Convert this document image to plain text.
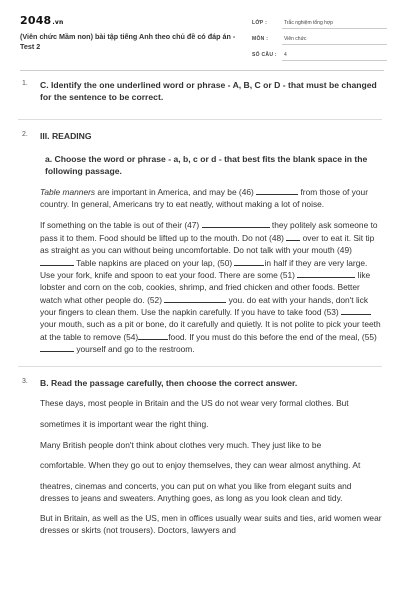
2048.vn
(Viên chức Mầm non) bài tập tiếng Anh theo chủ đề có đáp án - Test 2
LỚP :	Trắc nghiệm tổng hợp
MÔN :	Viên chức
SỐ CÂU :	4
1. C. Identify the one underlined word or phrase - A, B, C or D - that must be changed for the sentence to be correct.
2. III. READING
a. Choose the word or phrase - a, b, c or d - that best fits the blank space in the following passage.
Table manners are important in America, and may be (46)	from those of your country. In general, Americans try to eat neatly, without making a lot of noise.
If something on the table is out of their (47)	they politely ask someone to pass it to them. Food should be lifted up to the mouth. Do not (48)  over to eat it. Sit tip as straight as you can without being uncomfortable. Do not talk with your mouth (49)  Table napkins are placed on your lap, (50)	in half if they are very large. Use your fork, knife and spoon to eat your food. There are some (51)	like lobster and corn on the cob, cookies, shrimp, and fried chicken and other foods. Better watch what other people do. (52)	you. do eat with your hands, don't lick your fingers to clean them. Use the napkin carefully. If you have to take food (53) your mouth, such as a pit or bone, do it carefully and quietly. It is not polite to pick your teeth at the table to remove (54)	food. If you must do this before the end of the meal, (55)  yourself and go to the restroom.
3. B. Read the passage carefully, then choose the correct answer.
These days, most people in Britain and the US do not wear very formal clothes. But
sometimes it is important wear the right thing.
Many British people don't think about clothes very much. They just like to be
comfortable. When they go out to enjoy themselves, they can wear almost anything. At
theatres, cinemas and concerts, you can put on what you like from elegant suits and dresses to jeans and sweaters. Anything goes, as long as you look clean and tidy.
But in Britain, as well as the US, men in offices usually wear suits and ties, arid women wear dresses or skirts (not trousers). Doctors, lawyers and
